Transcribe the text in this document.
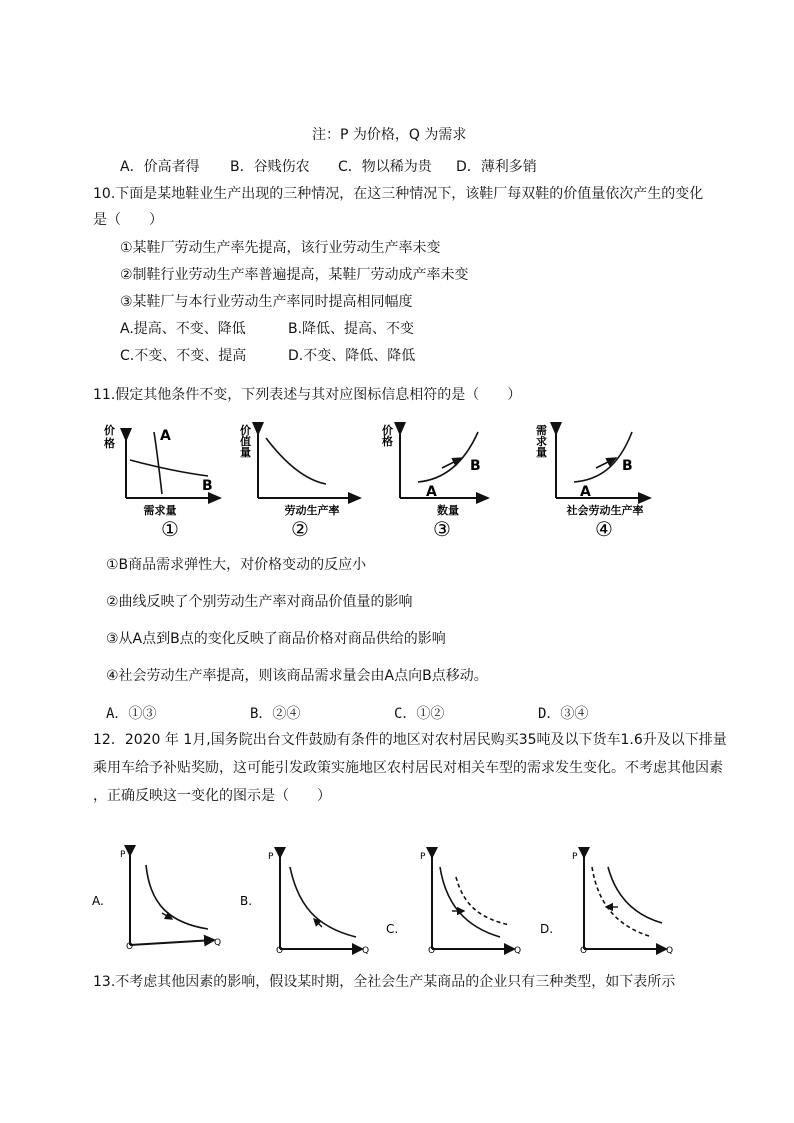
注：P 为价格，Q 为需求
A．价高者得 B．谷贱伤农 C．物以稀为贵 D．薄利多销
10.下面是某地鞋业生产出现的三种情况，在这三种情况下，该鞋厂每双鞋的价值量依次产生的变化
是（　　）
①某鞋厂劳动生产率先提高，该行业劳动生产率未变
②制鞋行业劳动生产率普遍提高，某鞋厂劳动成产率未变
③某鞋厂与本行业劳动生产率同时提高相同幅度
A.提高、不变、降低	B.降低、提高、不变
C.不变、不变、提高	D.不变、降低、降低
11.假定其他条件不变，下列表述与其对应图标信息相符的是（　　）
价
格	A
B
需求量
①
价
值
量
劳动生产率
②
价
格
A
B
数量
③
需
求
量
A
B
社会劳动生产率
④
①B商品需求弹性大，对价格变动的反应小
②曲线反映了个别劳动生产率对商品价值量的影响
③从A点到B点的变化反映了商品价格对商品供给的影响
④社会劳动生产率提高，则该商品需求量会由A点向B点移动。
A．①③	B．②④	C．①②	D．③④
12．2020 年 1月,国务院出台文件鼓励有条件的地区对农村居民购买35吨及以下货车1.6升及以下排量
乘用车给予补贴奖励，这可能引发政策实施地区农村居民对相关车型的需求发生变化。不考虑其他因素
，正确反映这一变化的图示是（　　）
A.
P
O	Q
B.
P
O	Q
C.
P
O	Q
D.
P
O	Q
13.不考虑其他因素的影响，假设某时期，全社会生产某商品的企业只有三种类型，如下表所示
